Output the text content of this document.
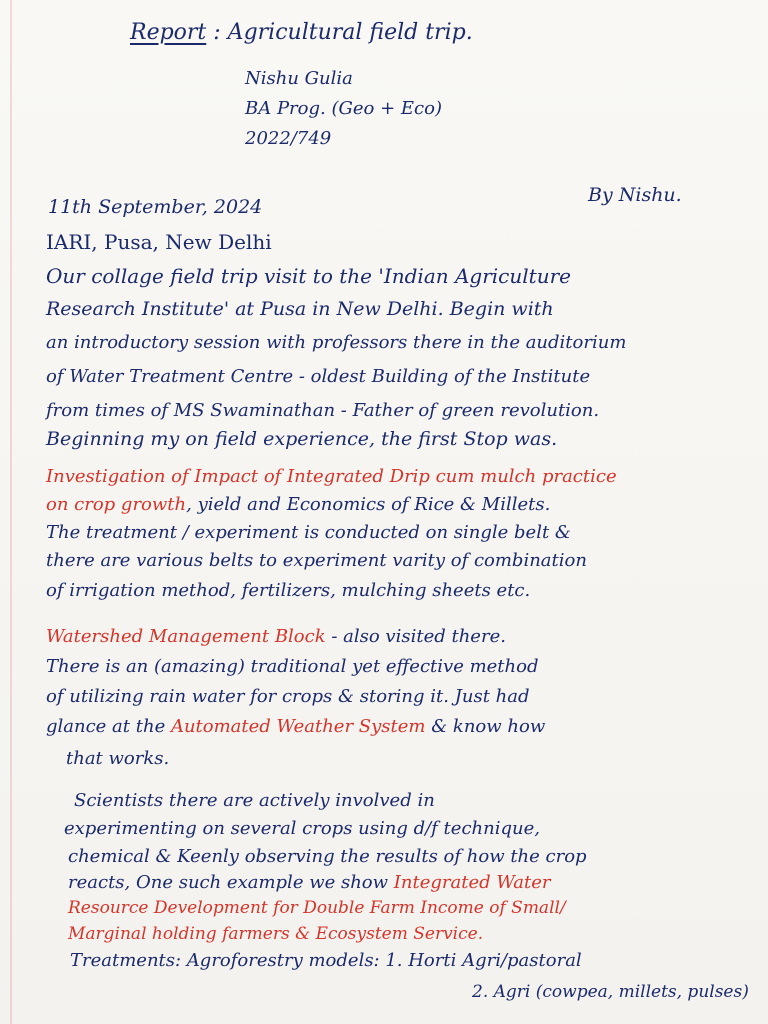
Report : Agricultural field trip.
Nishu Gulia
BA Prog. (Geo + Eco)
2022/749
11th September, 2024
By Nishu.
IARI, Pusa, New Delhi
Our collage field trip visit to the 'Indian Agriculture
Research Institute' at Pusa in New Delhi. Begin with
an introductory session with professors there in the auditorium
of Water Treatment Centre - oldest Building of the Institute
from times of MS Swaminathan - Father of green revolution.
Beginning my on field experience, the first Stop was.
Investigation of Impact of Integrated Drip cum mulch practice
on crop growth, yield and Economics of Rice & Millets.
The treatment / experiment is conducted on single belt &
there are various belts to experiment varity of combination
of irrigation method, fertilizers, mulching sheets etc.
Watershed Management Block - also visited there.
There is an (amazing) traditional yet effective method
of utilizing rain water for crops & storing it. Just had
glance at the Automated Weather System & know how
that works.
Scientists there are actively involved in
experimenting on several crops using d/f technique,
chemical & Keenly observing the results of how the crop
reacts, One such example we show Integrated Water
Resource Development for Double Farm Income of Small/
Marginal holding farmers & Ecosystem Service.
Treatments: Agroforestry models: 1. Horti Agri/pastoral
2. Agri (cowpea, millets, pulses)
